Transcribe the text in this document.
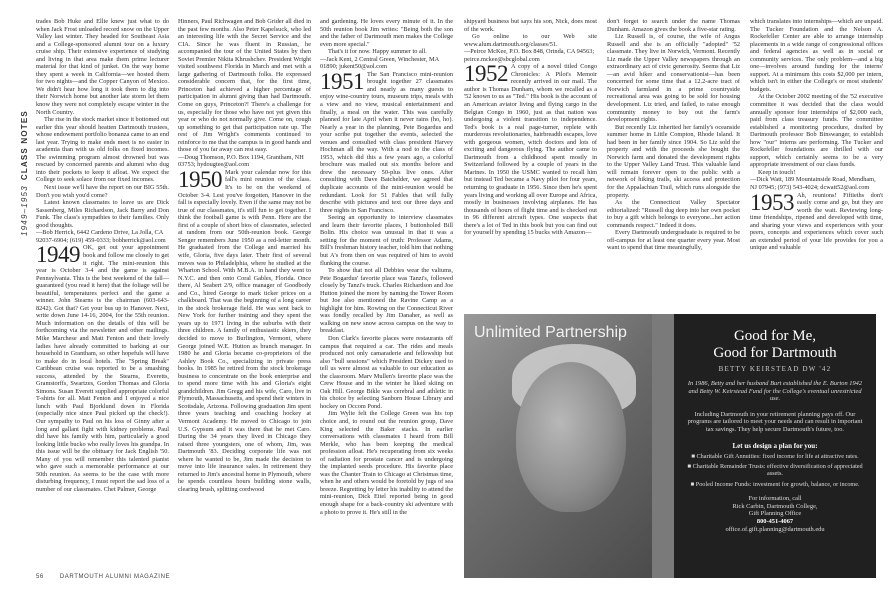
1949–1953CLASS NOTES

trades Bob Huke and Ellie knew just what to do when Jack Frost unloaded record snow on the Upper Valley last winter. They headed for Southeast Asia and a College-sponsored alumni tour on a luxury cruise ship. Their extensive experience of studying and living in that area make them prime lecturer material for that kind of junket. On the way home they spent a week in California—we hosted them for two nights—and the Copper Canyon of Mexico. We didn't hear how long it took them to dig into their Norwich home but another late storm let them know they were not completely escape winter in the North Country.

The rise in the stock market since it bottomed out earlier this year should heatten Dartmouth trustees, whose endowment portfolio bonanza came to an end last year. Trying to make ends meet is no easier in academia than with us old folks on fixed incomes. The swimming program almost drowned but was rescued by concerned parents and alumni who dug into their pockets to keep it afloat. We expect the College to seek solace from our fixed incomes.

Next issue we'll have the report on our BIG 55th. Don't you wish you'd come?

Latest known classmates to leave us are Dick Sassenberg, Miles Richardson, Jack Barry and Don Funk. The class's sympathies to their families. Only good thoughts.

—Bob Herrick, 6442 Cardeno Drive, La Jolla, CA 92037-6904; (619) 459-0333; bobherrick@aol.com

1949 OK, get out your appointment book and follow me closely to get it right. The mini-reunion this year is October 3-4 and the game is against Pennsylvania. This is the best weekend of the fall—guaranteed (you read it here) that the foliage will be beautiful, temperatures perfect and the game a winner. John Stearns is the chairman (603-643-8242). Got that? Get your bus up to Hanover. Next, write down June 14-16, 2004, for the 55th reunion. Much information on the details of this will be forthcoming via the newsletter and other mailings. Mike Marchese and Matt Fenton and their lovely ladies have already committed to barking at our household in Grantham, so other hopefuls will have to make do in local hotels. The "Spring Break" Caribbean cruise was reported to be a smashing success, attended by the Stearns, Everetts, Gramstorffs, Swartzes, Gordon Thomas and Gloria Simons. Susan Everett supplied appropriate colorful T-shirts for all. Matt Fenton and I enjoyed a nice lunch with Paul Bjorklund down in Florida (especially nice since Paul picked up the check!). Our sympathy to Paul on his loss of Ginny after a long and gallant fight with kidney problems. Paul did have his family with him, particularly a good looking little bucko who really loves his grandpa. In this issue will be the obituary for Jack English '50. Many of you will remember this talented pianist who gave such a memorable performance at our 50th reunion. As seems to be the case with more disturbing frequency, I must report the sad loss of a number of our classmates. Chet Palmer, George

Hinners, Paul Richwagen and Bob Grider all died in the past few months. Also Peter Kapelsuck, who led an interesting life with the Secret Service and the CIA. Since he was fluent in Russian, he accompanied the tour of the United States by then Soviet Premier Nikita Khrushchev. President Wright visited southwest Florida in March and met with a large gathering of Dartmouth folks. He expressed considerable concern that, for the first time, Princeton had achieved a higher percentage of participation in alumni giving than had Dartmouth. Come on guys, Princeton?! There's a challenge for us, especially for those who have not yet given this year or who do not normally give. Come on, cough up something to get that participation rate up. The rest of Jim Wright's comments continued to reinforce to me that the campus is in good hands and those of you far away can rest easy.

—Doug Thomson, P.O. Box 1194, Grantham, NH 03753; hydougtee@aol.com

1950 Mark your calendar now for this fall's mini reunion of the class. It's to be on the weekend of October 3-4. Lest you've forgotten, Hanover in the fall is especially lovely. Even if the same may not be true of our classmates, it's still fun to get together. I think the football game is with Penn. Here are the first of a couple of short bios of classmates, selected at random from our 50th-reunion book. George Senger remembers June 1950 as a red-letter month. He graduated from the College and married his wife, Gloria, five days later. Their first of several moves was to Philadelphia, where he studied at the Wharton School. With M.B.A. in hand they went to N.Y.C. and then onto Coral Gables, Florida. Once there, Al Seabert 2/9, office manager of Goodbody and Co., hired George to mark ticker prices on a chalkboard. That was the beginning of a long career in the stock brokerage field. He was sent back to New York for further training and they spent the years up to 1971 living in the suburbs with their three children. A family of enthusiastic skiers, they decided to move to Burlington, Vermont, where George joined W.E. Hutton as branch manager. In 1980 he and Gloria became co-proprietors of the Ashley Book Co., specializing in private press books. In 1985 he retired from the stock brokerage business to concentrate on the book enterprise and to spend more time with his and Gloria's eight grandchildren. Jim Gregg and his wife, Caro, live in Plymouth, Massachusetts, and spend their winters in Scottsdale, Arizona. Following graduation Jim spent three years teaching and coaching hockey at Vermont Academy. He moved to Chicago to join U.S. Gypsum and it was there that he met Caro. During the 34 years they lived in Chicago they raised three youngsters, one of whom, Jim, was Dartmouth '83. Deciding corporate life was not where he wanted to be, Jim made the decision to move into life insurance sales. In retirement they returned to Jim's ancestral home in Plymouth, where he spends countless hours building stone walls, clearing brush, splitting cordwood

and gardening. He loves every minute of it. In the 50th reunion book Jim writes: "Being both the son and the father of Dartmouth men makes the College even more special."

That's it for now. Happy summer to all.

—Jack Kent, 2 Central Green, Winchester, MA 01890; jukent50@aol.com

1951 The San Francisco mini-reunion brought together 27 classmates and nearly as many guests to enjoy wine-country tours, museum trips, meals with a view and no view, musical entertainment and finally, a meal on the water. This was carefully planned for late April when it never rains (ho, ho). Nearly a year in the planning, Pete Bogardus and your scribe put together the events, selected the venues and consulted with class president Harvey Hochman all the way. With a nod to the class of 1953, which did this a few years ago, a colorful brochure was mailed out six months before and drew the necessary 50-plus live ones. After consulting with Dave Batchelder, we agreed that duplicate accounts of the mini-reunion would be redundant. Look for 51 Fables that will fully describe with pictures and text our three days and three nights in San Francisco.

Seeing an opportunity to interview classmates and learn their favorite places, I buttonholed Bill Bolin. His choice was unusual in that it was a setting for the moment of truth: Professor Adams, Bill's freshman history teacher, told him that nothing but A's from then on was required of him to avoid flunking the course.

To show that not all Debbies wear the valiums, Pete Bogardus' favorite place was Tanzi's, followed closely by Tanzi's truck. Charles Richardson and Joe Hutton joined the more by naming the Tower Room but Joe also mentioned the Ravine Camp as a highlight for him. Rowing on the Connecticut River was fondly recalled by Jim Danaher, as well as walking on new snow across campus on the way to breakfast.

Don Clark's favorite places were restaurants off campus that required a car. The rides and meals produced not only camaraderie and fellowship but also "bull sessions" which President Dickey used to tell us were almost as valuable to our education as the classroom. Marv Mullen's favorite place was the Crew House and in the winter he liked skiing on Oak Hill. George Bikle was cerebral and athletic in his choice by selecting Sanborn House Library and hockey on Occom Pond.

Jim Wylie felt the College Green was his top choice and, to round out the reunion group, Dave King selected the Baker stacks. In earlier conversations with classmates I heard from Bill Merkle, who has been keeping the medical profession afloat. He's recuperating from six weeks of radiation for prostate cancer and is undergoing the implanted seeds procedure. His favorite place was the Chanter Train to Chicago at Christmas time, when he and others would be foretold by jugs of sea breeze. Regretting by letter his inability to attend the mini-reunion, Dick Eitel reported being in good enough shape for a back-country ski adventure with a photo to prove it. He's still in the

shipyard business but says his son, Nick, does most of the work.

Go online to our Web site www.alum.dartmouth.org/classes/51.

—Peirce McKee, P.O. Box 848, Orinda, CA 94563; peirce.mckee@sbcglobal.com

1952 A copy of a novel titled Congo Chronicles: A Pilot's Memoir recently arrived in our mail. The author is Thomas Dunham, whom we recalled as a '52 known to us as "Ted." His book is the account of an American aviator living and flying cargo in the Belgian Congo in 1960, just as that nation was undergoing a violent transition to independence. Ted's book is a real page-turner, replete with murderous revolutionaries, hairbreadth escapes, love with gorgeous women, witch doctors and lots of exciting and dangerous flying. The author came to Dartmouth from a childhood spent mostly in Switzerland followed by a couple of years in the Marines. In 1950 the USMC wanted to recall him but instead Ted became a Navy pilot for four years, returning to graduate in 1956. Since then he's spent years living and working all over Europe and Africa, mostly in businesses involving airplanes. He has thousands of hours of flight time and is checked out in 96 different aircraft types. One suspects that there's a lot of Ted in this book but you can find out for yourself by spending 15 bucks with Amazon—

don't forget to search under the name Thomas Dunham. Amazon gives the book a five-star rating.

Liz Russell is, of course, the wife of Angus Russell and she is an officially "adopted" '52 classmate. They live in Norwich, Vermont. Recently Liz made the Upper Valley newspapers through an extraordinary act of civic generosity. Seems that Liz—an avid hiker and conservationist—has been concerned for some time that a 12.2-acre tract of Norwich farmland in a prime countryside recreational area was going to be sold for housing development. Liz tried, and failed, to raise enough community money to buy out the farm's development rights.

But recently Liz inherited her family's oceanside summer home in Little Compton, Rhode Island. It had been in her family since 1904. So Liz sold the property and with the proceeds she bought the Norwich farm and donated the development rights to the Upper Valley Land Trust. This valuable land will remain forever open to the public with a network of hiking trails, ski access and protection for the Appalachian Trail, which runs alongside the property.

As the Connecticut Valley Spectator editorialized: "Russell dug deep into her own pocket to buy a gift which belongs to everyone...her action commands respect." Indeed it does.

Every Dartmouth undergraduate is required to be off-campus for at least one quarter every year. Most want to spend that time meaningfully,

which translates into internships—which are unpaid. The Tucker Foundation and the Nelson A. Rockefeller Center are able to arrange internship placements in a wide range of congressional offices and federal agencies as well as in social or community services. The only problem—and a big one—involves around funding for the interns' support. At a minimum this costs $2,000 per intern, which isn't in either the College's or most students' budgets.

At the October 2002 meeting of the '52 executive committee it was decided that the class would annually sponsor four internships of $2,000 each, paid from class treasury funds. The committee established a monitoring procedure, drafted by Dartmouth professor Bob Binswanger, to establish how "our" interns are performing. The Tucker and Rockefeller foundations are thrilled with our support, which certainly seems to be a very appropriate investment of our class funds.

Keep in touch!

—Dick Watt, 189 Mountainside Road, Mendham, NJ 07945; (973) 543-4024; dcwatt52@aol.com

1953 Ah, reunions! Fiftieths don't easily come and go, but they are worth the wait. Reviewing long-time friendships, ripened and developed with time, and sharing your views and experiences with your peers, concepts and experiences which cover such an extended period of your life provides for you a unique and valuable

Unlimited Partnership	Good for Me,
Good for Dartmouth
BETTY KEIRSTEAD DW '42
In 1986, Betty and her husband Burt established the E. Burton 1942 and Betty W. Keirstead Fund for the College's eventual unrestricted use.
Including Dartmouth in your retirement planning pays off. Our programs are tailored to meet your needs and can result in important tax savings. They help secure Dartmouth's future, too.
Let us design a plan for you:
■ Charitable Gift Annuities: fixed income for life at attractive rates.
■ Charitable Remainder Trusts: effective diversification of appreciated assets.
■ Pooled Income Funds: investment for growth, balance, or income.
For information, call
Rick Carbin, Dartmouth College,
Gift Planning Office
800-451-4067
office.of.gift.planning@dartmouth.edu
56	DARTMOUTH ALUMNI MAGAZINE
